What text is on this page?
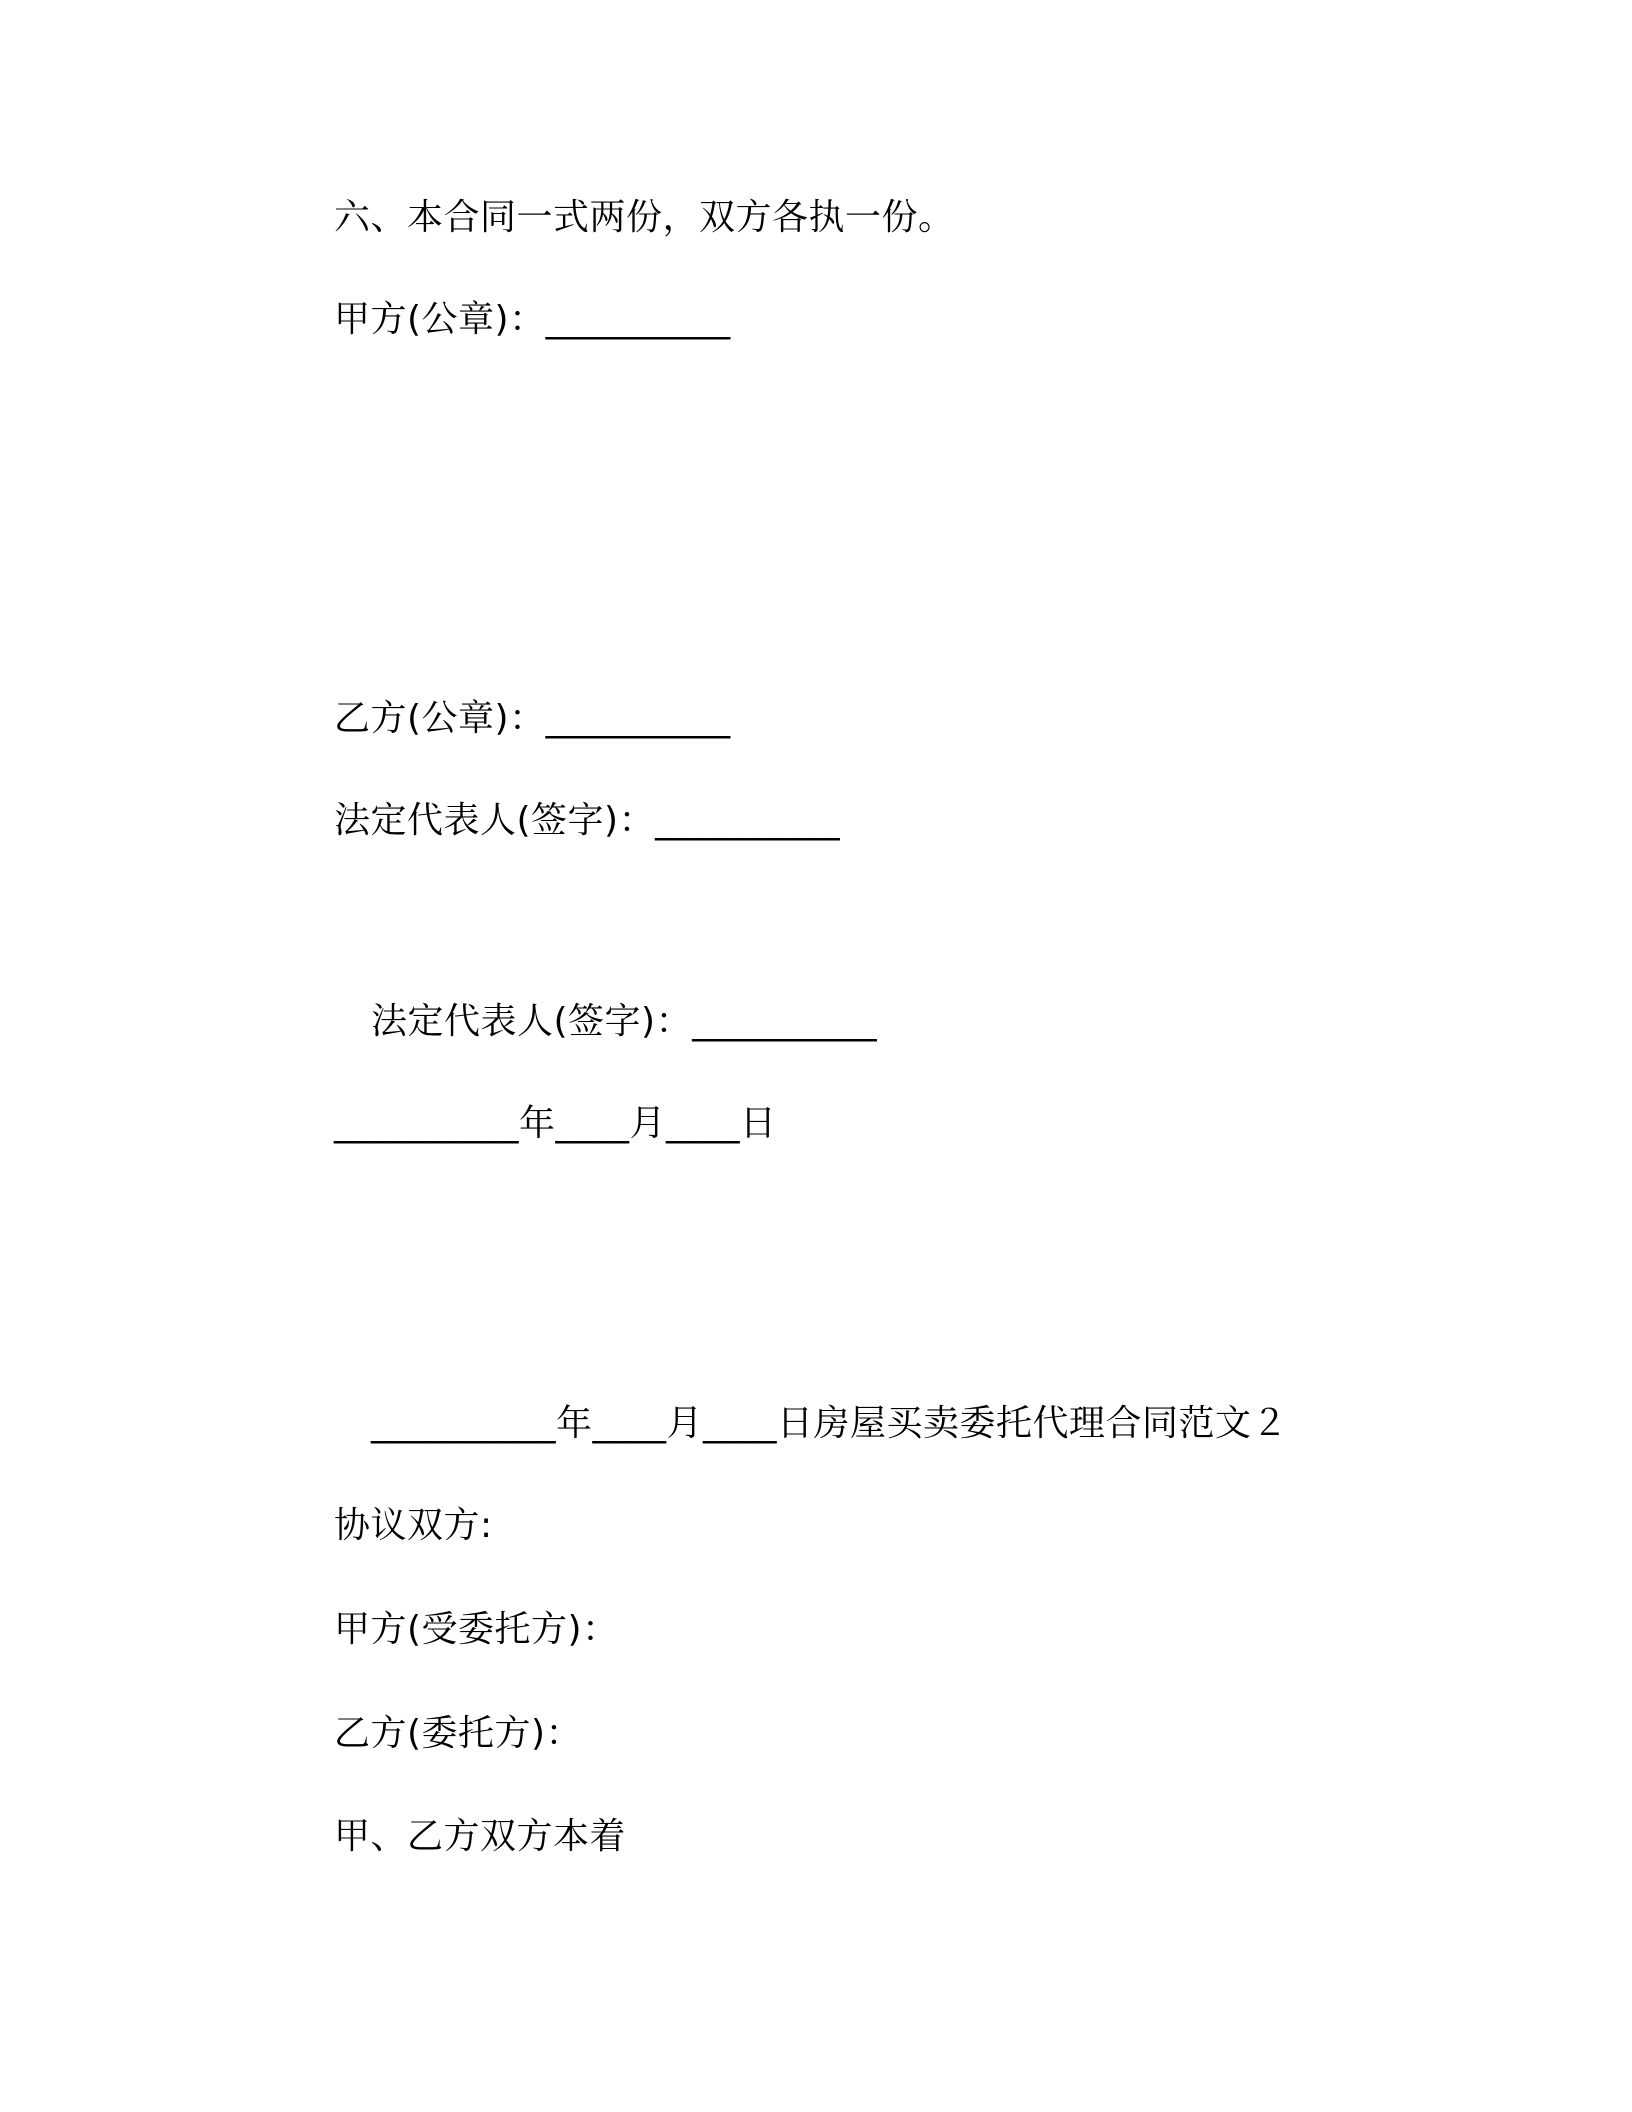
六、本合同一式两份，双方各执一份。
甲方(公章)：__________
乙方(公章)：__________
法定代表人(签字)：__________
法定代表人(签字)：__________
__________年____月____日
__________年____月____日房屋买卖委托代理合同范文２
协议双方:
甲方(受委托方)：
乙方(委托方)：
甲、乙方双方本着
